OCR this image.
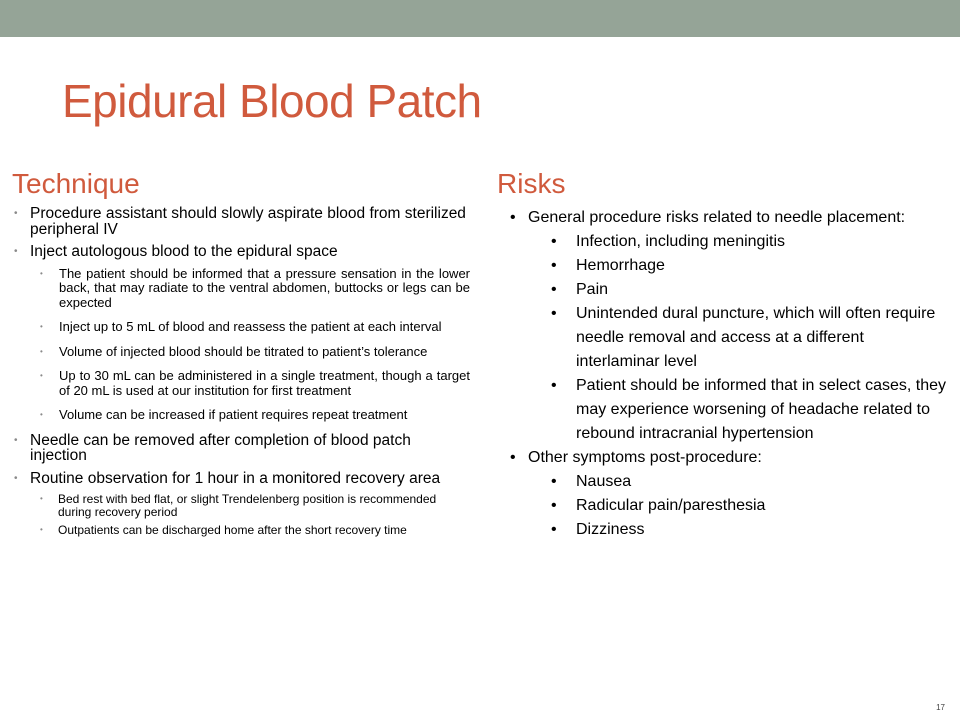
Epidural Blood Patch
Technique	Risks
• Procedure assistant should slowly aspirate blood from sterilized peripheral IV
• Inject autologous blood to the epidural space
• The patient should be informed that a pressure sensation in the lower back, that may radiate to the ventral abdomen, buttocks or legs can be expected
• Inject up to 5 mL of blood and reassess the patient at each interval
• Volume of injected blood should be titrated to patient’s tolerance
• Up to 30 mL can be administered in a single treatment, though a target of 20 mL is used at our institution for first treatment
• Volume can be increased if patient requires repeat treatment
• Needle can be removed after completion of blood patch injection
• Routine observation for 1 hour in a monitored recovery area
• Bed rest with bed flat, or slight Trendelenberg position is recommended during recovery period
• Outpatients can be discharged home after the short recovery time
• General procedure risks related to needle placement:
• Infection, including meningitis
• Hemorrhage
• Pain
• Unintended dural puncture, which will often require needle removal and access at a different interlaminar level
• Patient should be informed that in select cases, they may experience worsening of headache related to rebound intracranial hypertension
• Other symptoms post-procedure:
• Nausea
• Radicular pain/paresthesia
• Dizziness
17
